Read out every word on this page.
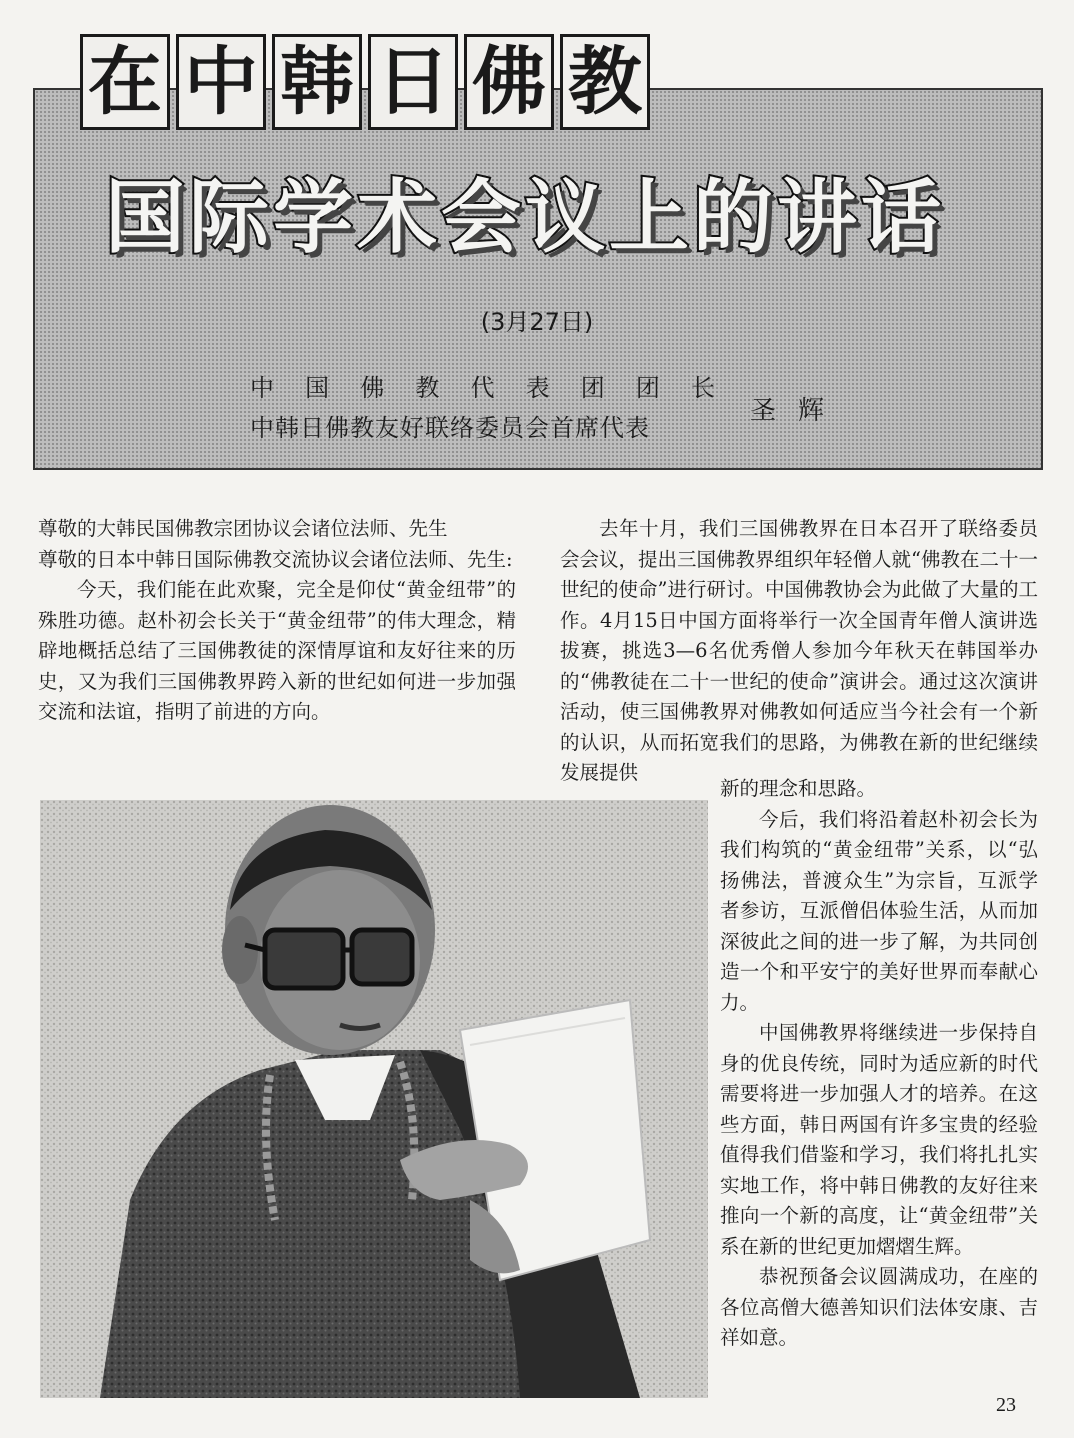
在 中 韩 日 佛 教
国际学术会议上的讲话
(3月27日)
中国佛教代表团团长
中韩日佛教友好联络委员会首席代表
圣辉

尊敬的大韩民国佛教宗团协议会诸位法师、先生

尊敬的日本中韩日国际佛教交流协议会诸位法师、先生:

今天，我们能在此欢聚，完全是仰仗“黄金纽带”的殊胜功德。赵朴初会长关于“黄金纽带”的伟大理念，精辟地概括总结了三国佛教徒的深情厚谊和友好往来的历史，又为我们三国佛教界跨入新的世纪如何进一步加强交流和法谊，指明了前进的方向。

去年十月，我们三国佛教界在日本召开了联络委员会会议，提出三国佛教界组织年轻僧人就“佛教在二十一世纪的使命”进行研讨。中国佛教协会为此做了大量的工作。4月15日中国方面将举行一次全国青年僧人演讲选拔赛，挑选3—6名优秀僧人参加今年秋天在韩国举办的“佛教徒在二十一世纪的使命”演讲会。通过这次演讲活动，使三国佛教界对佛教如何适应当今社会有一个新的认识，从而拓宽我们的思路，为佛教在新的世纪继续发展提供

新的理念和思路。

今后，我们将沿着赵朴初会长为我们构筑的“黄金纽带”关系，以“弘扬佛法，普渡众生”为宗旨，互派学者参访，互派僧侣体验生活，从而加深彼此之间的进一步了解，为共同创造一个和平安宁的美好世界而奉献心力。

中国佛教界将继续进一步保持自身的优良传统，同时为适应新的时代需要将进一步加强人才的培养。在这些方面，韩日两国有许多宝贵的经验值得我们借鉴和学习，我们将扎扎实实地工作，将中韩日佛教的友好往来推向一个新的高度，让“黄金纽带”关系在新的世纪更加熠熠生辉。

恭祝预备会议圆满成功，在座的各位高僧大德善知识们法体安康、吉祥如意。

23
